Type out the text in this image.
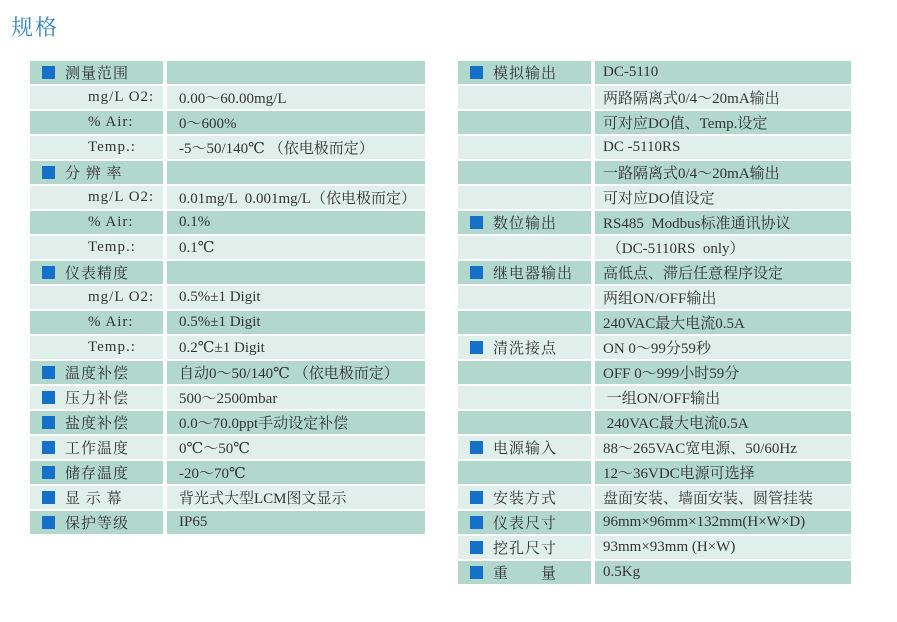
规格
测量范围
mg/L O2:	0.00～60.00mg/L
% Air:	0～600%
Temp.:	-5～50/140℃ （依电极而定）
分 辨 率
mg/L O2:	0.01mg/L  0.001mg/L（依电极而定）
% Air:	0.1%
Temp.:	0.1℃
仪表精度
mg/L O2:	0.5%±1 Digit
% Air:	0.5%±1 Digit
Temp.:	0.2℃±1 Digit
温度补偿	自动0～50/140℃ （依电极而定）
压力补偿	500～2500mbar
盐度补偿	0.0～70.0ppt手动设定补偿
工作温度	0℃～50℃
储存温度	-20～70℃
显 示 幕	背光式大型LCM图文显示
保护等级	IP65
模拟输出	DC-5110
两路隔离式0/4～20mA输出
可对应DO值、Temp.设定
DC -5110RS
一路隔离式0/4～20mA输出
可对应DO值设定
数位输出	RS485  Modbus标准通讯协议
（DC-5110RS  only）
继电器输出	高低点、滞后任意程序设定
两组ON/OFF输出
240VAC最大电流0.5A
清洗接点	ON 0～99分59秒
OFF 0～999小时59分
一组ON/OFF输出
240VAC最大电流0.5A
电源输入	88～265VAC宽电源、50/60Hz
12～36VDC电源可选择
安装方式	盘面安装、墙面安装、圆管挂装
仪表尺寸	96mm×96mm×132mm(H×W×D)
挖孔尺寸	93mm×93mm (H×W)
重　　量	0.5Kg
